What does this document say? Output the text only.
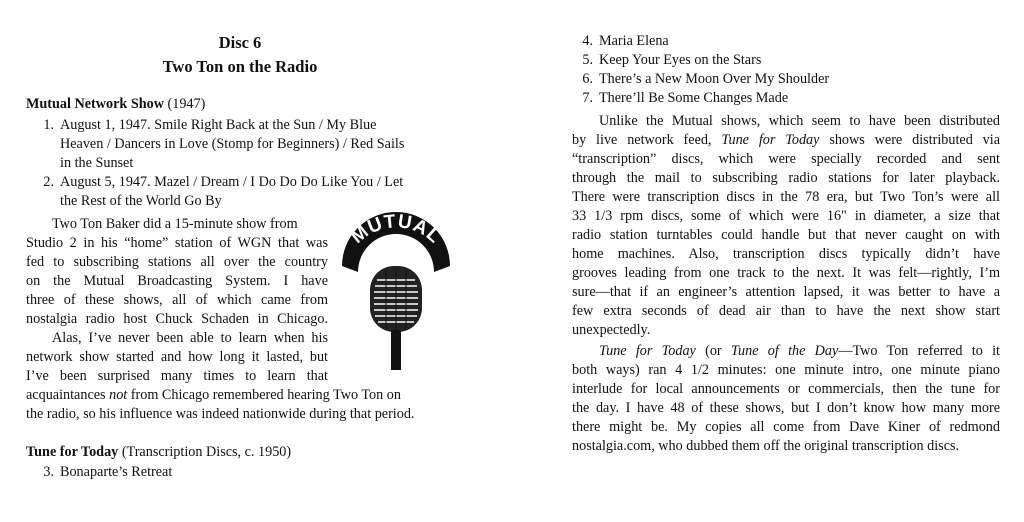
Disc 6
Two Ton on the Radio
Mutual Network Show (1947)
1. August 1, 1947. Smile Right Back at the Sun / My Blue
Heaven / Dancers in Love (Stomp for Beginners) / Red Sails
in the Sunset
2. August 5, 1947. Mazel / Dream / I Do Do Do Like You / Let
the Rest of the World Go By
Two Ton Baker did a 15-minute show from
Studio 2 in his “home” station of WGN that was
fed to subscribing stations all over the country
on the Mutual Broadcasting System. I have
three of these shows, all of which came from
nostalgia radio host Chuck Schaden in Chicago.
Alas, I’ve never been able to learn when his
network show started and how long it lasted, but
I’ve been surprised many times to learn that
acquaintances not from Chicago remembered hearing Two Ton on
the radio, so his influence was indeed nationwide during that period.
MUTUAL
Tune for Today (Transcription Discs, c. 1950)
3. Bonaparte’s Retreat
4. Maria Elena
5. Keep Your Eyes on the Stars
6. There’s a New Moon Over My Shoulder
7. There’ll Be Some Changes Made
Unlike the Mutual shows, which seem to have been distributed
by live network feed, Tune for Today shows were distributed via
“transcription” discs, which were specially recorded and sent
through the mail to subscribing radio stations for later playback.
There were transcription discs in the 78 era, but Two Ton’s were all
33 1/3 rpm discs, some of which were 16" in diameter, a size that
radio station turntables could handle but that never caught on with
home machines. Also, transcription discs typically didn’t have
grooves leading from one track to the next. It was felt—rightly, I’m
sure—that if an engineer’s attention lapsed, it was better to have a
few extra seconds of dead air than to have the next show start
unexpectedly.
Tune for Today (or Tune of the Day—Two Ton referred to it
both ways) ran 4 1/2 minutes: one minute intro, one minute piano
interlude for local announcements or commercials, then the tune for
the day. I have 48 of these shows, but I don’t know how many more
there might be. My copies all come from Dave Kiner of redmond
nostalgia.com, who dubbed them off the original transcription discs.
